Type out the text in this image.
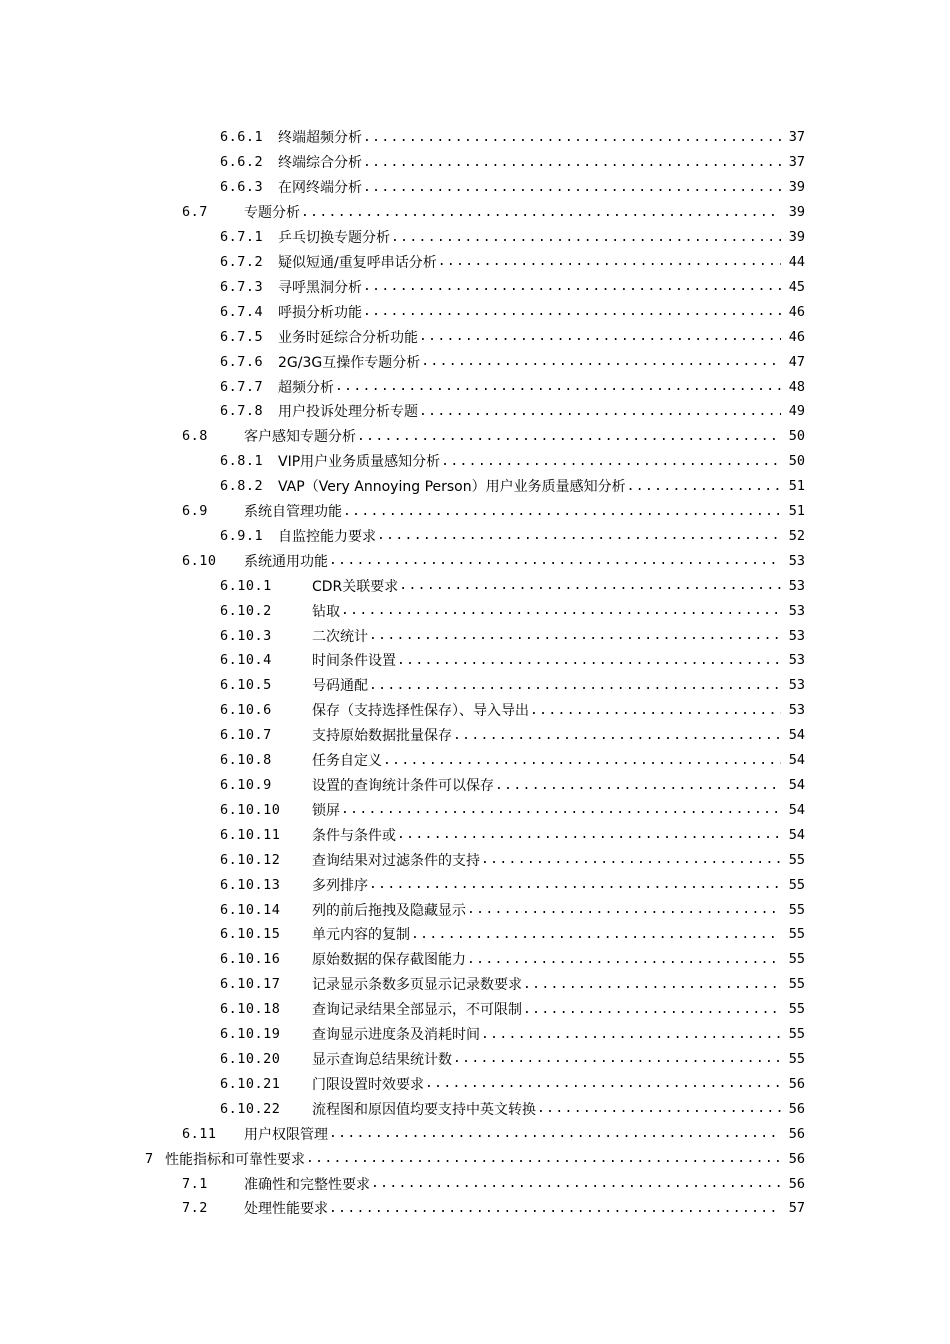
6.6.1	终端超频分析 .....	37
6.6.2	终端综合分析 .....	37
6.6.3	在网终端分析 .....	39
6.7	专题分析 .....	39
6.7.1	乒乓切换专题分析 .....	39
6.7.2	疑似短通/重复呼串话分析 .....	44
6.7.3	寻呼黑洞分析 .....	45
6.7.4	呼损分析功能 .....	46
6.7.5	业务时延综合分析功能 .....	46
6.7.6	2G/3G互操作专题分析 .....	47
6.7.7	超频分析 .....	48
6.7.8	用户投诉处理分析专题 .....	49
6.8	客户感知专题分析 .....	50
6.8.1	VIP用户业务质量感知分析 .....	50
6.8.2	VAP（Very Annoying Person）用户业务质量感知分析 .....	51
6.9	系统自管理功能 .....	51
6.9.1	自监控能力要求 .....	52
6.10	系统通用功能 .....	53
6.10.1	CDR关联要求 .....	53
6.10.2	钻取 .....	53
6.10.3	二次统计 .....	53
6.10.4	时间条件设置 .....	53
6.10.5	号码通配 .....	53
6.10.6	保存（支持选择性保存）、导入导出 .....	53
6.10.7	支持原始数据批量保存 .....	54
6.10.8	任务自定义 .....	54
6.10.9	设置的查询统计条件可以保存 .....	54
6.10.10	锁屏 .....	54
6.10.11	条件与条件或 .....	54
6.10.12	查询结果对过滤条件的支持 .....	55
6.10.13	多列排序 .....	55
6.10.14	列的前后拖拽及隐藏显示 .....	55
6.10.15	单元内容的复制 .....	55
6.10.16	原始数据的保存截图能力 .....	55
6.10.17	记录显示条数多页显示记录数要求 .....	55
6.10.18	查询记录结果全部显示，不可限制 .....	55
6.10.19	查询显示进度条及消耗时间 .....	55
6.10.20	显示查询总结果统计数 .....	55
6.10.21	门限设置时效要求 .....	56
6.10.22	流程图和原因值均要支持中英文转换 .....	56
6.11	用户权限管理 .....	56
7 性能指标和可靠性要求 .....	56
7.1	准确性和完整性要求 .....	56
7.2	处理性能要求 .....	57
